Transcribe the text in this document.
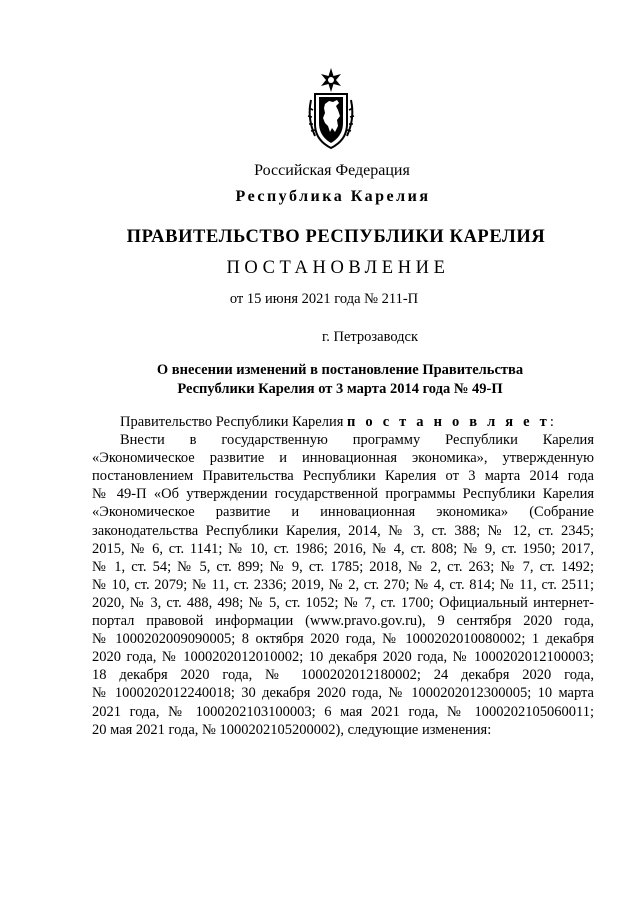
Российская Федерация
Республика Карелия
ПРАВИТЕЛЬСТВО РЕСПУБЛИКИ КАРЕЛИЯ
ПОСТАНОВЛЕНИЕ
от 15 июня 2021 года № 211-П
г. Петрозаводск
О внесении изменений в постановление Правительства
Республики Карелия от 3 марта 2014 года № 49-П

Правительство Республики Карелия п о с т а н о в л я е т:

Внести в государственную программу Республики Карелия
«Экономическое развитие и инновационная экономика», утвержденную
постановлением Правительства Республики Карелия от 3 марта 2014 года
№ 49-П «Об утверждении государственной программы Республики Карелия
«Экономическое развитие и инновационная экономика» (Собрание
законодательства Республики Карелия, 2014, № 3, ст. 388; № 12, ст. 2345;
2015, № 6, ст. 1141; № 10, ст. 1986; 2016, № 4, ст. 808; № 9, ст. 1950; 2017,
№ 1, ст. 54; № 5, ст. 899; № 9, ст. 1785; 2018, № 2, ст. 263; № 7, ст. 1492;
№ 10, ст. 2079; № 11, ст. 2336; 2019, № 2, ст. 270; № 4, ст. 814; № 11, ст. 2511;
2020, № 3, ст. 488, 498; № 5, ст. 1052; № 7, ст. 1700; Официальный интернет-
портал правовой информации (www.pravo.gov.ru), 9 сентября 2020 года,
№ 1000202009090005; 8 октября 2020 года, № 1000202010080002; 1 декабря
2020 года, № 1000202012010002; 10 декабря 2020 года, № 1000202012100003;
18 декабря 2020 года, № 1000202012180002; 24 декабря 2020 года,
№ 1000202012240018; 30 декабря 2020 года, № 1000202012300005; 10 марта
2021 года, № 1000202103100003; 6 мая 2021 года, № 1000202105060011;
20 мая 2021 года, № 1000202105200002), следующие изменения:
